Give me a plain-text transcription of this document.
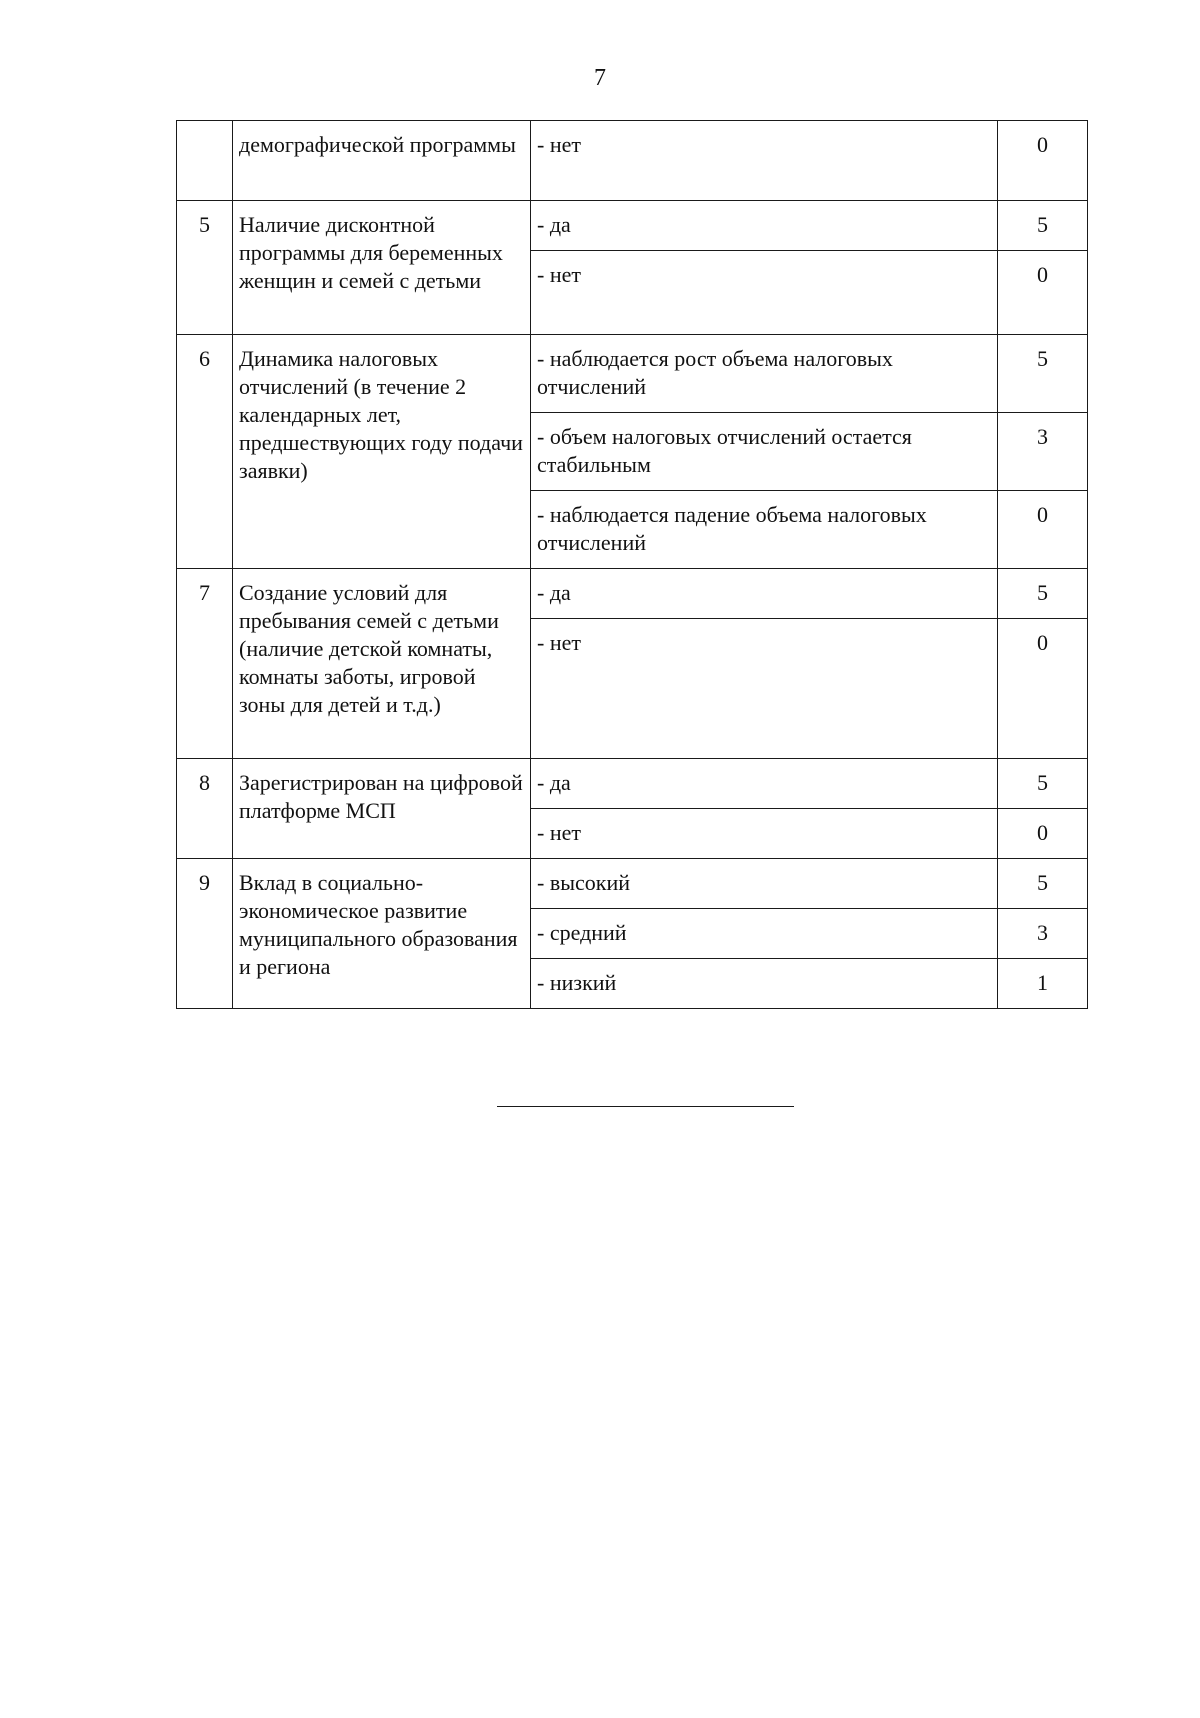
7
	демографической программы	- нет	0
5	Наличие дисконтной программы для беременных женщин и семей с детьми	- да	5
		- нет	0
6	Динамика налоговых отчислений (в течение 2 календарных лет, предшествующих году подачи заявки)	- наблюдается рост объема налоговых отчислений	5
		- объем налоговых отчислений остается стабильным	3
		- наблюдается падение объема налоговых отчислений	0
7	Создание условий для пребывания семей с детьми (наличие детской комнаты, комнаты заботы, игровой зоны для детей и т.д.)	- да	5
		- нет	0
8	Зарегистрирован на цифровой платформе МСП	- да	5
		- нет	0
9	Вклад в социально-экономическое развитие муниципального образования и региона	- высокий	5
		- средний	3
		- низкий	1
